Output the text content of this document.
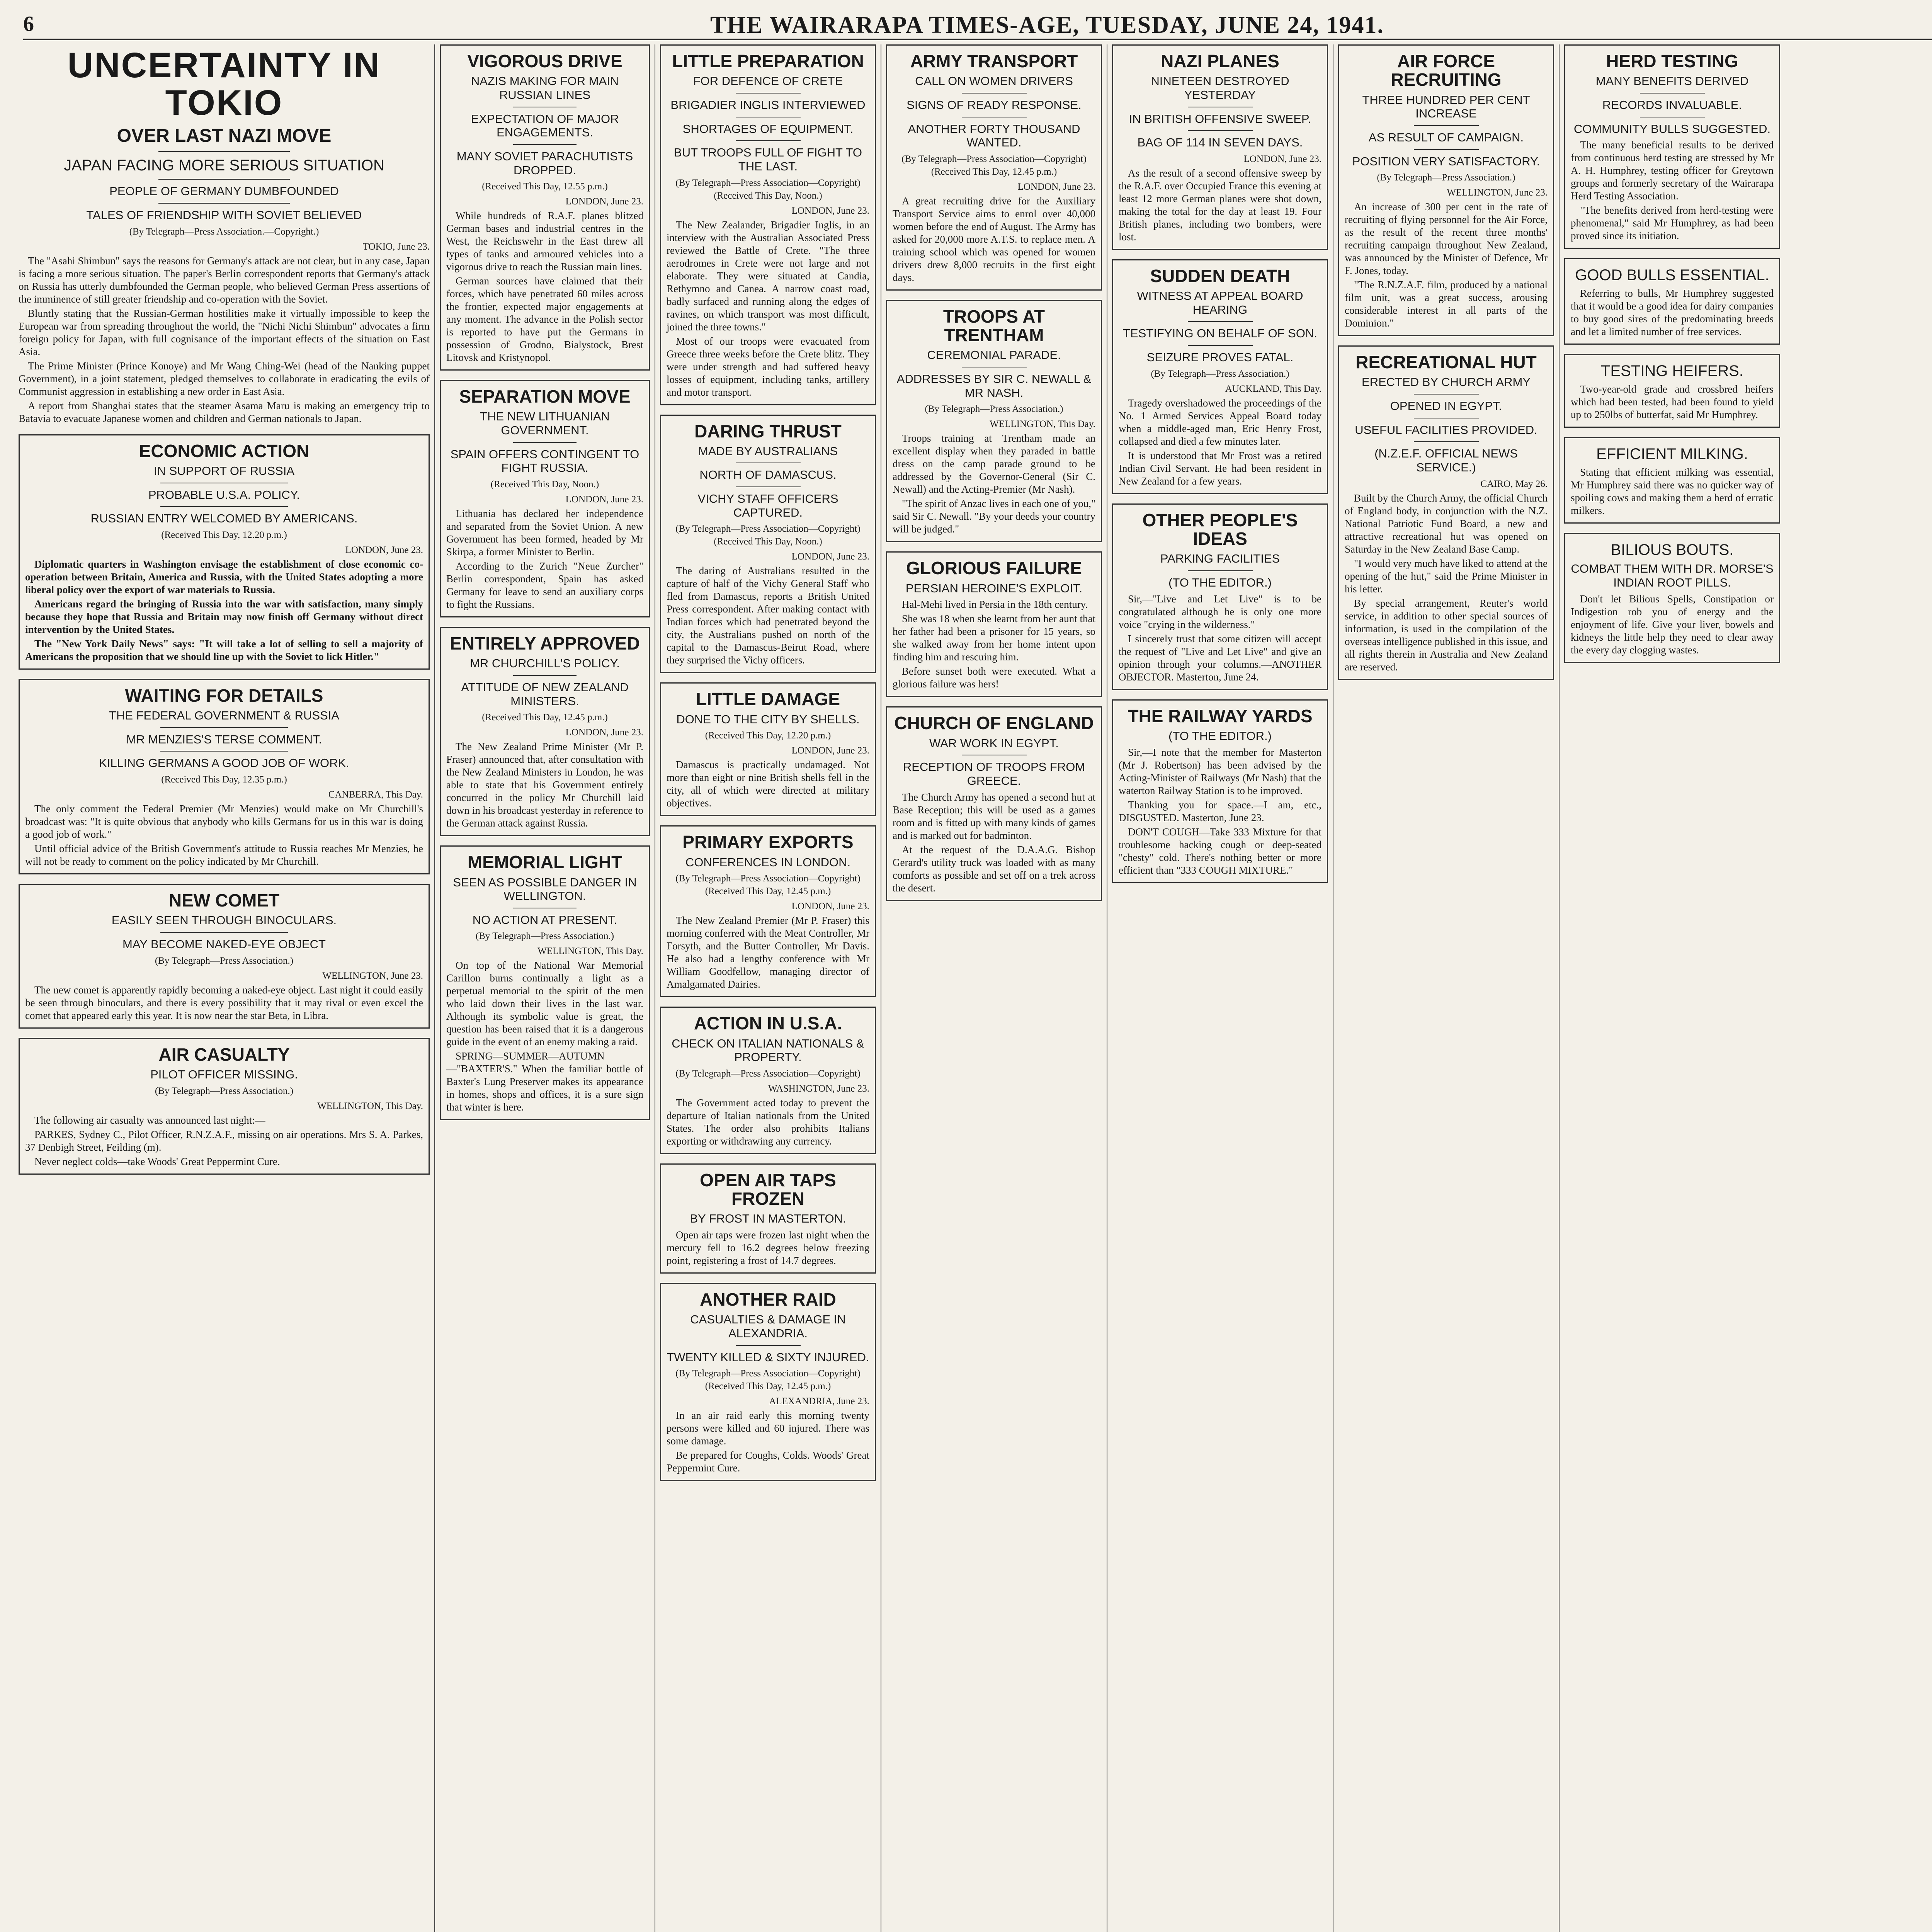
6	THE WAIRARAPA TIMES-AGE, TUESDAY, JUNE 24, 1941.
UNCERTAINTY IN TOKIO
OVER LAST NAZI MOVE
JAPAN FACING MORE SERIOUS SITUATION
PEOPLE OF GERMANY DUMBFOUNDED
TALES OF FRIENDSHIP WITH SOVIET BELIEVED
(By Telegraph—Press Association.—Copyright.)
TOKIO, June 23.

The "Asahi Shimbun" says the reasons for Germany's attack are not clear, but in any case, Japan is facing a more serious situation. The paper's Berlin correspondent reports that Germany's attack on Russia has utterly dumbfounded the German people, who believed German Press assertions of the imminence of still greater friendship and co-operation with the Soviet.

Bluntly stating that the Russian-German hostilities make it virtually impossible to keep the European war from spreading throughout the world, the "Nichi Nichi Shimbun" advocates a firm foreign policy for Japan, with full cognisance of the important effects of the situation on East Asia.

The Prime Minister (Prince Konoye) and Mr Wang Ching-Wei (head of the Nanking puppet Government), in a joint statement, pledged themselves to collaborate in eradicating the evils of Communist aggression in establishing a new order in East Asia.

A report from Shanghai states that the steamer Asama Maru is making an emergency trip to Batavia to evacuate Japanese women and children and German nationals to Japan.

ECONOMIC ACTION
IN SUPPORT OF RUSSIA
PROBABLE U.S.A. POLICY.
RUSSIAN ENTRY WELCOMED BY AMERICANS.
(Received This Day, 12.20 p.m.)
LONDON, June 23.

Diplomatic quarters in Washington envisage the establishment of close economic co-operation between Britain, America and Russia, with the United States adopting a more liberal policy over the export of war materials to Russia.

Americans regard the bringing of Russia into the war with satisfaction, many simply because they hope that Russia and Britain may now finish off Germany without direct intervention by the United States.

The "New York Daily News" says: "It will take a lot of selling to sell a majority of Americans the proposition that we should line up with the Soviet to lick Hitler."

WAITING FOR DETAILS
THE FEDERAL GOVERNMENT & RUSSIA
MR MENZIES'S TERSE COMMENT.
KILLING GERMANS A GOOD JOB OF WORK.
(Received This Day, 12.35 p.m.)
CANBERRA, This Day.

The only comment the Federal Premier (Mr Menzies) would make on Mr Churchill's broadcast was: "It is quite obvious that anybody who kills Germans for us in this war is doing a good job of work."

Until official advice of the British Government's attitude to Russia reaches Mr Menzies, he will not be ready to comment on the policy indicated by Mr Churchill.

NEW COMET
EASILY SEEN THROUGH BINOCULARS.
MAY BECOME NAKED-EYE OBJECT
(By Telegraph—Press Association.)
WELLINGTON, June 23.

The new comet is apparently rapidly becoming a naked-eye object. Last night it could easily be seen through binoculars, and there is every possibility that it may rival or even excel the comet that appeared early this year. It is now near the star Beta, in Libra.

AIR CASUALTY
PILOT OFFICER MISSING.
(By Telegraph—Press Association.)
WELLINGTON, This Day.

The following air casualty was announced last night:—

PARKES, Sydney C., Pilot Officer, R.N.Z.A.F., missing on air operations. Mrs S. A. Parkes, 37 Denbigh Street, Feilding (m).

Never neglect colds—take Woods' Great Peppermint Cure.

VIGOROUS DRIVE
NAZIS MAKING FOR MAIN RUSSIAN LINES
EXPECTATION OF MAJOR ENGAGEMENTS.
MANY SOVIET PARACHUTISTS DROPPED.
(Received This Day, 12.55 p.m.)
LONDON, June 23.

While hundreds of R.A.F. planes blitzed German bases and industrial centres in the West, the Reichswehr in the East threw all types of tanks and armoured vehicles into a vigorous drive to reach the Russian main lines.

German sources have claimed that their forces, which have penetrated 60 miles across the frontier, expected major engagements at any moment. The advance in the Polish sector is reported to have put the Germans in possession of Grodno, Bialystock, Brest Litovsk and Kristynopol.

SEPARATION MOVE
THE NEW LITHUANIAN GOVERNMENT.
SPAIN OFFERS CONTINGENT TO FIGHT RUSSIA.
(Received This Day, Noon.)
LONDON, June 23.

Lithuania has declared her independence and separated from the Soviet Union. A new Government has been formed, headed by Mr Skirpa, a former Minister to Berlin.

According to the Zurich "Neue Zurcher" Berlin correspondent, Spain has asked Germany for leave to send an auxiliary corps to fight the Russians.

ENTIRELY APPROVED
MR CHURCHILL'S POLICY.
ATTITUDE OF NEW ZEALAND MINISTERS.
(Received This Day, 12.45 p.m.)
LONDON, June 23.

The New Zealand Prime Minister (Mr P. Fraser) announced that, after consultation with the New Zealand Ministers in London, he was able to state that his Government entirely concurred in the policy Mr Churchill laid down in his broadcast yesterday in reference to the German attack against Russia.

MEMORIAL LIGHT
SEEN AS POSSIBLE DANGER IN WELLINGTON.
NO ACTION AT PRESENT.
(By Telegraph—Press Association.)
WELLINGTON, This Day.

On top of the National War Memorial Carillon burns continually a light as a perpetual memorial to the spirit of the men who laid down their lives in the last war. Although its symbolic value is great, the question has been raised that it is a dangerous guide in the event of an enemy making a raid.

SPRING—SUMMER—AUTUMN—"BAXTER'S." When the familiar bottle of Baxter's Lung Preserver makes its appearance in homes, shops and offices, it is a sure sign that winter is here.

LITTLE PREPARATION
FOR DEFENCE OF CRETE
BRIGADIER INGLIS INTERVIEWED
SHORTAGES OF EQUIPMENT.
BUT TROOPS FULL OF FIGHT TO THE LAST.
(By Telegraph—Press Association—Copyright) (Received This Day, Noon.)
LONDON, June 23.

The New Zealander, Brigadier Inglis, in an interview with the Australian Associated Press reviewed the Battle of Crete. "The three aerodromes in Crete were not large and not elaborate. They were situated at Candia, Rethymno and Canea. A narrow coast road, badly surfaced and running along the edges of ravines, on which transport was most difficult, joined the three towns."

Most of our troops were evacuated from Greece three weeks before the Crete blitz. They were under strength and had suffered heavy losses of equipment, including tanks, artillery and motor transport.

DARING THRUST
MADE BY AUSTRALIANS
NORTH OF DAMASCUS.
VICHY STAFF OFFICERS CAPTURED.
(By Telegraph—Press Association—Copyright) (Received This Day, Noon.)
LONDON, June 23.

The daring of Australians resulted in the capture of half of the Vichy General Staff who fled from Damascus, reports a British United Press correspondent. After making contact with Indian forces which had penetrated beyond the city, the Australians pushed on north of the capital to the Damascus-Beirut Road, where they surprised the Vichy officers.

LITTLE DAMAGE
DONE TO THE CITY BY SHELLS.
(Received This Day, 12.20 p.m.)
LONDON, June 23.

Damascus is practically undamaged. Not more than eight or nine British shells fell in the city, all of which were directed at military objectives.

PRIMARY EXPORTS
CONFERENCES IN LONDON.
(By Telegraph—Press Association—Copyright) (Received This Day, 12.45 p.m.)
LONDON, June 23.

The New Zealand Premier (Mr P. Fraser) this morning conferred with the Meat Controller, Mr Forsyth, and the Butter Controller, Mr Davis. He also had a lengthy conference with Mr William Goodfellow, managing director of Amalgamated Dairies.

ACTION IN U.S.A.
CHECK ON ITALIAN NATIONALS & PROPERTY.
(By Telegraph—Press Association—Copyright)
WASHINGTON, June 23.

The Government acted today to prevent the departure of Italian nationals from the United States. The order also prohibits Italians exporting or withdrawing any currency.

OPEN AIR TAPS FROZEN
BY FROST IN MASTERTON.

Open air taps were frozen last night when the mercury fell to 16.2 degrees below freezing point, registering a frost of 14.7 degrees.

ANOTHER RAID
CASUALTIES & DAMAGE IN ALEXANDRIA.
TWENTY KILLED & SIXTY INJURED.
(By Telegraph—Press Association—Copyright) (Received This Day, 12.45 p.m.)
ALEXANDRIA, June 23.

In an air raid early this morning twenty persons were killed and 60 injured. There was some damage.

Be prepared for Coughs, Colds. Woods' Great Peppermint Cure.

ARMY TRANSPORT
CALL ON WOMEN DRIVERS
SIGNS OF READY RESPONSE.
ANOTHER FORTY THOUSAND WANTED.
(By Telegraph—Press Association—Copyright) (Received This Day, 12.45 p.m.)
LONDON, June 23.

A great recruiting drive for the Auxiliary Transport Service aims to enrol over 40,000 women before the end of August. The Army has asked for 20,000 more A.T.S. to replace men. A training school which was opened for women drivers drew 8,000 recruits in the first eight days.

TROOPS AT TRENTHAM
CEREMONIAL PARADE.
ADDRESSES BY SIR C. NEWALL & MR NASH.
(By Telegraph—Press Association.)
WELLINGTON, This Day.

Troops training at Trentham made an excellent display when they paraded in battle dress on the camp parade ground to be addressed by the Governor-General (Sir C. Newall) and the Acting-Premier (Mr Nash).

"The spirit of Anzac lives in each one of you," said Sir C. Newall. "By your deeds your country will be judged."

GLORIOUS FAILURE
PERSIAN HEROINE'S EXPLOIT.

Hal-Mehi lived in Persia in the 18th century.

She was 18 when she learnt from her aunt that her father had been a prisoner for 15 years, so she walked away from her home intent upon finding him and rescuing him.

Before sunset both were executed. What a glorious failure was hers!

CHURCH OF ENGLAND
WAR WORK IN EGYPT.
RECEPTION OF TROOPS FROM GREECE.

The Church Army has opened a second hut at Base Reception; this will be used as a games room and is fitted up with many kinds of games and is marked out for badminton.

At the request of the D.A.A.G. Bishop Gerard's utility truck was loaded with as many comforts as possible and set off on a trek across the desert.

NAZI PLANES
NINETEEN DESTROYED YESTERDAY
IN BRITISH OFFENSIVE SWEEP.
BAG OF 114 IN SEVEN DAYS.
LONDON, June 23.

As the result of a second offensive sweep by the R.A.F. over Occupied France this evening at least 12 more German planes were shot down, making the total for the day at least 19. Four British planes, including two bombers, were lost.

SUDDEN DEATH
WITNESS AT APPEAL BOARD HEARING
TESTIFYING ON BEHALF OF SON.
SEIZURE PROVES FATAL.
(By Telegraph—Press Association.)
AUCKLAND, This Day.

Tragedy overshadowed the proceedings of the No. 1 Armed Services Appeal Board today when a middle-aged man, Eric Henry Frost, collapsed and died a few minutes later.

It is understood that Mr Frost was a retired Indian Civil Servant. He had been resident in New Zealand for a few years.

OTHER PEOPLE'S IDEAS
PARKING FACILITIES
(TO THE EDITOR.)

Sir,—"Live and Let Live" is to be congratulated although he is only one more voice "crying in the wilderness."

I sincerely trust that some citizen will accept the request of "Live and Let Live" and give an opinion through your columns.—ANOTHER OBJECTOR. Masterton, June 24.

THE RAILWAY YARDS
(TO THE EDITOR.)

Sir,—I note that the member for Masterton (Mr J. Robertson) has been advised by the Acting-Minister of Railways (Mr Nash) that the waterton Railway Station is to be improved.

Thanking you for space.—I am, etc., DISGUSTED. Masterton, June 23.

DON'T COUGH—Take 333 Mixture for that troublesome hacking cough or deep-seated "chesty" cold. There's nothing better or more efficient than "333 COUGH MIXTURE."

AIR FORCE RECRUITING
THREE HUNDRED PER CENT INCREASE
AS RESULT OF CAMPAIGN.
POSITION VERY SATISFACTORY.
(By Telegraph—Press Association.)
WELLINGTON, June 23.

An increase of 300 per cent in the rate of recruiting of flying personnel for the Air Force, as the result of the recent three months' recruiting campaign throughout New Zealand, was announced by the Minister of Defence, Mr F. Jones, today.

"The R.N.Z.A.F. film, produced by a national film unit, was a great success, arousing considerable interest in all parts of the Dominion."

RECREATIONAL HUT
ERECTED BY CHURCH ARMY
OPENED IN EGYPT.
USEFUL FACILITIES PROVIDED.
(N.Z.E.F. OFFICIAL NEWS SERVICE.)
CAIRO, May 26.

Built by the Church Army, the official Church of England body, in conjunction with the N.Z. National Patriotic Fund Board, a new and attractive recreational hut was opened on Saturday in the New Zealand Base Camp.

"I would very much have liked to attend at the opening of the hut," said the Prime Minister in his letter.

By special arrangement, Reuter's world service, in addition to other special sources of information, is used in the compilation of the overseas intelligence published in this issue, and all rights therein in Australia and New Zealand are reserved.

HERD TESTING
MANY BENEFITS DERIVED
RECORDS INVALUABLE.
COMMUNITY BULLS SUGGESTED.

The many beneficial results to be derived from continuous herd testing are stressed by Mr A. H. Humphrey, testing officer for Greytown groups and formerly secretary of the Wairarapa Herd Testing Association.

"The benefits derived from herd-testing were phenomenal," said Mr Humphrey, as had been proved since its initiation.

GOOD BULLS ESSENTIAL.

Referring to bulls, Mr Humphrey suggested that it would be a good idea for dairy companies to buy good sires of the predominating breeds and let a limited number of free services.

TESTING HEIFERS.

Two-year-old grade and crossbred heifers which had been tested, had been found to yield up to 250lbs of butterfat, said Mr Humphrey.

EFFICIENT MILKING.

Stating that efficient milking was essential, Mr Humphrey said there was no quicker way of spoiling cows and making them a herd of erratic milkers.

BILIOUS BOUTS.
COMBAT THEM WITH DR. MORSE'S INDIAN ROOT PILLS.

Don't let Bilious Spells, Constipation or Indigestion rob you of energy and the enjoyment of life. Give your liver, bowels and kidneys the little help they need to clear away the every day clogging wastes.
